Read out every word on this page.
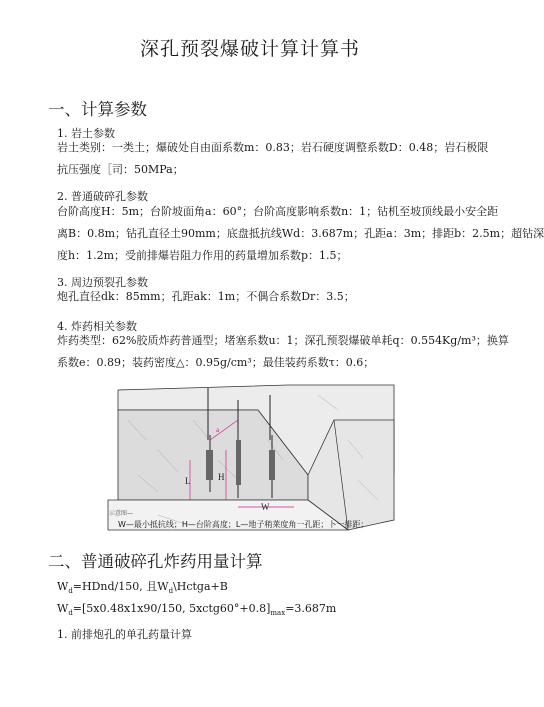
深孔预裂爆破计算计算书
一、计算参数
1. 岩土参数
岩土类别：一类土；爆破处自由面系数m：0.83；岩石硬度调整系数D：0.48；岩石极限
抗压强度［司：50MPa；
2. 普通破碎孔参数
台阶高度H：5m；台阶坡面角a：60°；台阶高度影响系数n：1；钻机至坡顶线最小安全距
离B：0.8m；钻孔直径土90mm；底盘抵抗线Wd：3.687m；孔距a：3m；排距b：2.5m；超钻深
度h：1.2m；受前排爆岩阻力作用的药量增加系数p：1.5；
3. 周边预裂孔参数
炮孔直径dk：85mm；孔距ak：1m；不偶合系数Dr：3.5；
4. 炸药相关参数
炸药类型：62%胶质炸药普通型；堵塞系数u：1；深孔预裂爆破单耗q：0.554Kg/m³；换算
系数e：0.89；装药密度△：0.95g/cm³；最佳装药系数τ：0.6；
L	H
W
a
示意图—
W—最小抵抗线；H—台阶高度；L—地子稍莱度角一孔距；卜一排距；
二、普通破碎孔炸药用量计算
$W_d=HDnd/150$, 且$W_d\backslash Hctga+B$
$W_d=[5x0.48x1x90/150$, $5xctg60^\circ+0.8]_{max}=3.687m$
1. 前排炮孔的单孔药量计算
